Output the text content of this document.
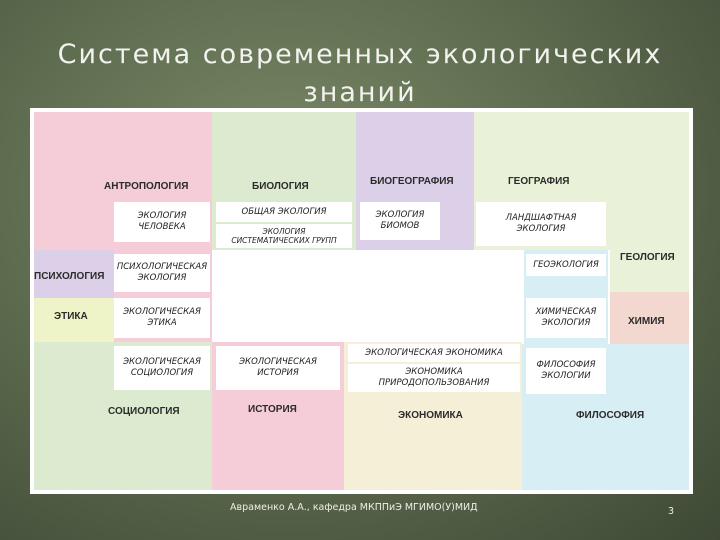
Система современных экологических
знаний
АНТРОПОЛОГИЯ	БИОЛОГИЯ	БИОГЕОГРАФИЯ	ГЕОГРАФИЯ
ГЕОЛОГИЯ
ПСИХОЛОГИЯ
ЭТИКА	ХИМИЯ
СОЦИОЛОГИЯ	ИСТОРИЯ
ЭКОНОМИКА	ФИЛОСОФИЯ
ЭКОЛОГИЯ ЧЕЛОВЕКА
ОБЩАЯ ЭКОЛОГИЯ
ЭКОЛОГИЯ СИСТЕМАТИЧЕСКИХ ГРУПП
ЭКОЛОГИЯ БИОМОВ
ЛАНДШАФТНАЯ ЭКОЛОГИЯ
ПСИХОЛОГИЧЕСКАЯ ЭКОЛОГИЯ
ГЕОЭКОЛОГИЯ
ЭКОЛОГИЧЕСКАЯ ЭТИКА
ХИМИЧЕСКАЯ ЭКОЛОГИЯ
ЭКОЛОГИЧЕСКАЯ СОЦИОЛОГИЯ
ЭКОЛОГИЧЕСКАЯ ИСТОРИЯ
ЭКОЛОГИЧЕСКАЯ ЭКОНОМИКА
ЭКОНОМИКА ПРИРОДОПОЛЬЗОВАНИЯ
ФИЛОСОФИЯ ЭКОЛОГИИ
Авраменко А.А., кафедра МКППиЭ МГИМО(У)МИД	3
